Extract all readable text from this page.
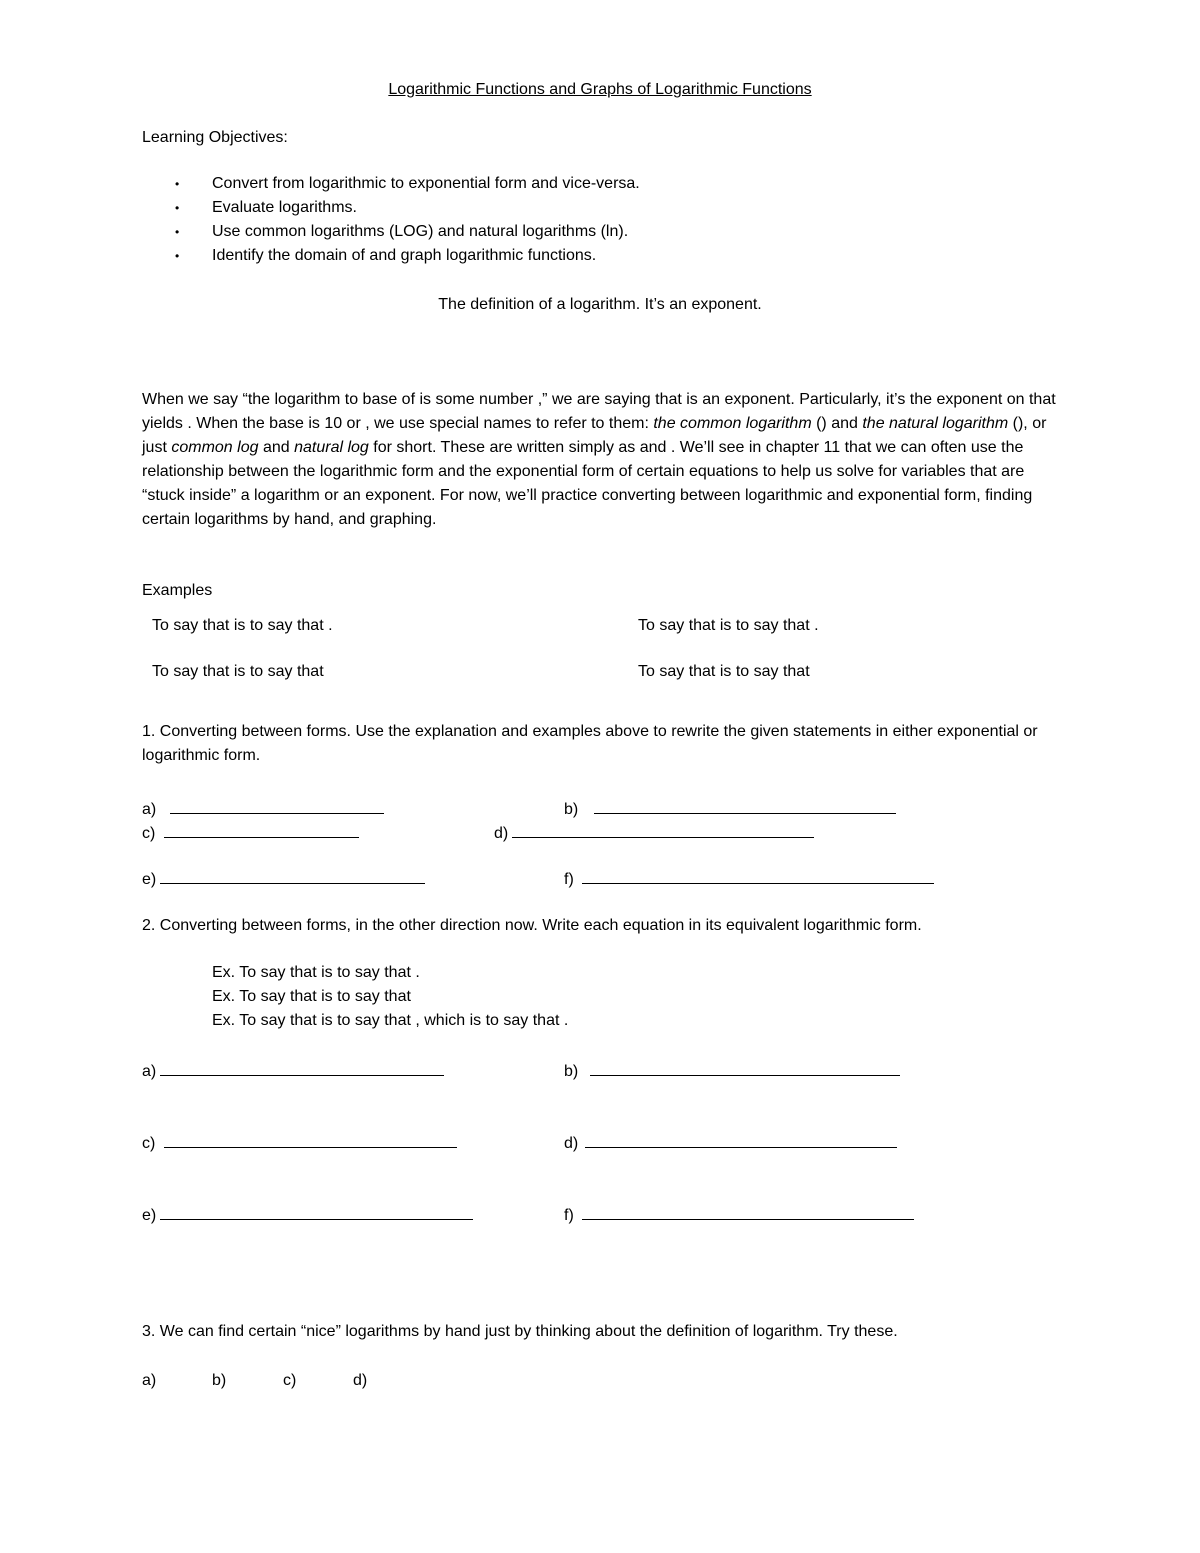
Logarithmic Functions and Graphs of Logarithmic Functions
Learning Objectives:
• Convert from logarithmic to exponential form and vice-versa.
• Evaluate logarithms.
• Use common logarithms (LOG) and natural logarithms (ln).
• Identify the domain of and graph logarithmic functions.
The definition of a logarithm. It’s an exponent.
When we say “the logarithm to base of is some number ,” we are saying that is an exponent. Particularly, it’s the exponent on that yields . When the base is 10 or , we use special names to refer to them: the common logarithm () and the natural logarithm (), or just common log and natural log for short. These are written simply as and . We’ll see in chapter 11 that we can often use the relationship between the logarithmic form and the exponential form of certain equations to help us solve for variables that are “stuck inside” a logarithm or an exponent. For now, we’ll practice converting between logarithmic and exponential form, finding certain logarithms by hand, and graphing.
Examples
To say that is to say that .	To say that is to say that .
To say that is to say that	To say that is to say that
1. Converting between forms. Use the explanation and examples above to rewrite the given statements in either exponential or logarithmic form.
a)	b)
c)	d)
e)	f)
2. Converting between forms, in the other direction now. Write each equation in its equivalent logarithmic form.
Ex. To say that is to say that .
Ex. To say that is to say that
Ex. To say that is to say that , which is to say that .
a)	b)
c)	d)
e)	f)
3. We can find certain “nice” logarithms by hand just by thinking about the definition of logarithm. Try these.
a)	b)	c)	d)
